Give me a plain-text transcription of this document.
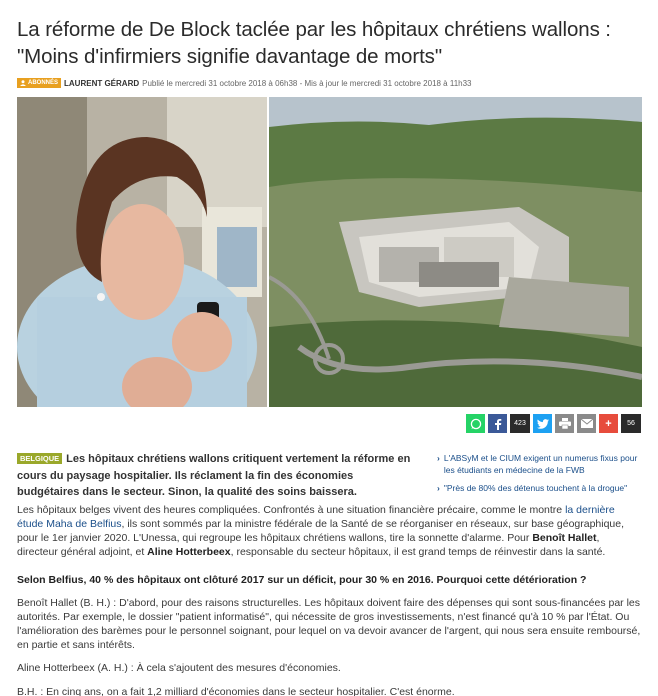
La réforme de De Block taclée par les hôpitaux chrétiens wallons : "Moins d'infirmiers signifie davantage de morts"
ABONNÉS LAURENT GÉRARD Publié le mercredi 31 octobre 2018 à 06h38 - Mis à jour le mercredi 31 octobre 2018 à 11h33
423	+	56
BELGIQUE Les hôpitaux chrétiens wallons critiquent vertement la réforme en cours du paysage hospitalier. Ils réclament la fin des économies budgétaires dans le secteur. Sinon, la qualité des soins baissera.
› L'ABSyM et le CIUM exigent un numerus fixus pour les étudiants en médecine de la FWB
› "Près de 80% des détenus touchent à la drogue"

Les hôpitaux belges vivent des heures compliquées. Confrontés à une situation financière précaire, comme le montre la dernière étude Maha de Belfius, ils sont sommés par la ministre fédérale de la Santé de se réorganiser en réseaux, sur base géographique, pour le 1er janvier 2020. L'Unessa, qui regroupe les hôpitaux chrétiens wallons, tire la sonnette d'alarme. Pour Benoît Hallet, directeur général adjoint, et Aline Hotterbeex, responsable du secteur hôpitaux, il est grand temps de réinvestir dans la santé.

Selon Belfius, 40 % des hôpitaux ont clôturé 2017 sur un déficit, pour 30 % en 2016. Pourquoi cette détérioration ?

Benoît Hallet (B. H.) : D'abord, pour des raisons structurelles. Les hôpitaux doivent faire des dépenses qui sont sous-financées par les autorités. Par exemple, le dossier "patient informatisé", qui nécessite de gros investissements, n'est financé qu'à 10 % par l'État. Ou l'amélioration des barèmes pour le personnel soignant, pour lequel on va devoir avancer de l'argent, qui nous sera ensuite remboursé, en partie et sans intérêts.

Aline Hotterbeex (A. H.) : À cela s'ajoutent des mesures d'économies.

B.H. : En cinq ans, on a fait 1,2 milliard d'économies dans le secteur hospitalier. C'est énorme.
